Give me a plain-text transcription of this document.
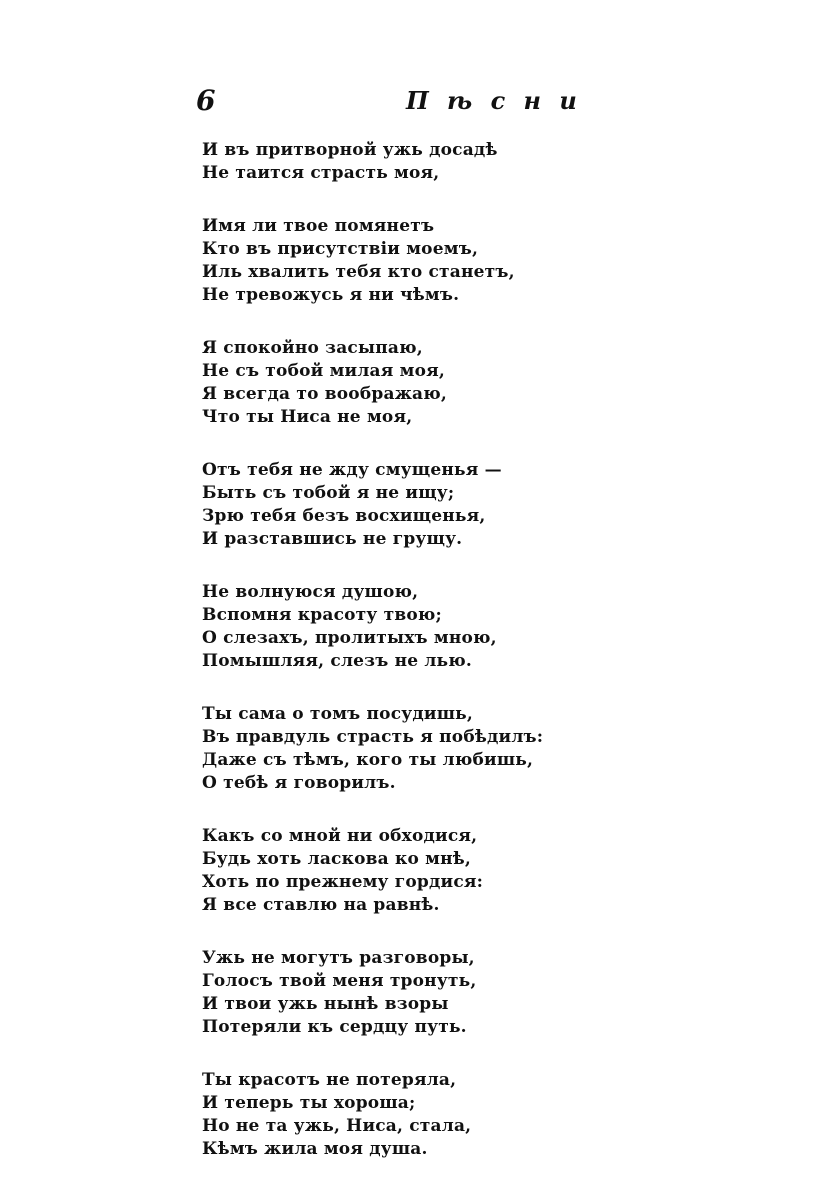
6	П ѣ с н и
И въ притворной ужь досадѣ
Не таится страсть моя,
Имя ли твое помянетъ
Кто въ присутствіи моемъ,
Иль хвалить тебя кто станетъ,
Не тревожусь я ни чѣмъ.
Я спокойно засыпаю,
Не съ тобой милая моя,
Я всегда то воображаю,
Что ты Ниса не моя,
Отъ тебя не жду смущенья —
Быть съ тобой я не ищу;
Зрю тебя безъ восхищенья,
И разставшись не грущу.
Не волнуюся душою,
Вспомня красоту твою;
О слезахъ, пролитыхъ мною,
Помышляя, слезъ не лью.
Ты сама о томъ посудишь,
Въ правдуль страсть я побѣдилъ:
Даже съ тѣмъ, кого ты любишь,
О тебѣ я говорилъ.
Какъ со мной ни обходися,
Будь хоть ласкова ко мнѣ,
Хоть по прежнему гордися:
Я все ставлю на равнѣ.
Ужь не могутъ разговоры,
Голосъ твой меня тронуть,
И твои ужь нынѣ взоры
Потеряли къ сердцу путь.
Ты красотъ не потеряла,
И теперь ты хороша;
Но не та ужь, Ниса, стала,
Кѣмъ жила моя душа.
